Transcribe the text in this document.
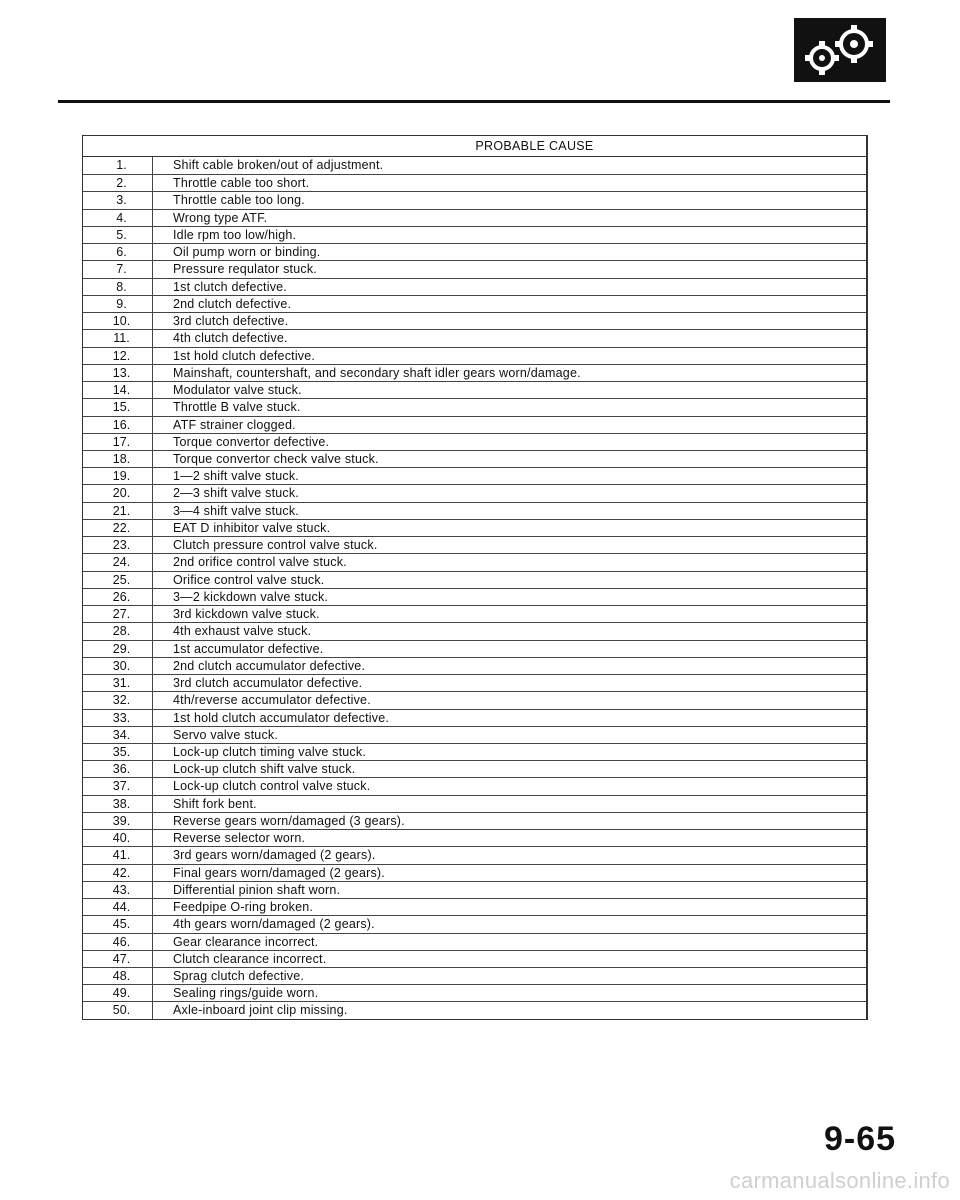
PROBABLE CAUSE
1.	Shift cable broken/out of adjustment.
2.	Throttle cable too short.
3.	Throttle cable too long.
4.	Wrong type ATF.
5.	Idle rpm too low/high.
6.	Oil pump worn or binding.
7.	Pressure requlator stuck.
8.	1st clutch defective.
9.	2nd clutch defective.
10.	3rd clutch defective.
11.	4th clutch defective.
12.	1st hold clutch defective.
13.	Mainshaft, countershaft, and secondary shaft idler gears worn/damage.
14.	Modulator valve stuck.
15.	Throttle B valve stuck.
16.	ATF strainer clogged.
17.	Torque convertor defective.
18.	Torque convertor check valve stuck.
19.	1—2 shift valve stuck.
20.	2—3 shift valve stuck.
21.	3—4 shift valve stuck.
22.	EAT D inhibitor valve stuck.
23.	Clutch pressure control valve stuck.
24.	2nd orifice control valve stuck.
25.	Orifice control valve stuck.
26.	3—2 kickdown valve stuck.
27.	3rd kickdown valve stuck.
28.	4th exhaust valve stuck.
29.	1st accumulator defective.
30.	2nd clutch accumulator defective.
31.	3rd clutch accumulator defective.
32.	4th/reverse accumulator defective.
33.	1st hold clutch accumulator defective.
34.	Servo valve stuck.
35.	Lock-up clutch timing valve stuck.
36.	Lock-up clutch shift valve stuck.
37.	Lock-up clutch control valve stuck.
38.	Shift fork bent.
39.	Reverse gears worn/damaged (3 gears).
40.	Reverse selector worn.
41.	3rd gears worn/damaged (2 gears).
42.	Final gears worn/damaged (2 gears).
43.	Differential pinion shaft worn.
44.	Feedpipe O-ring broken.
45.	4th gears worn/damaged (2 gears).
46.	Gear clearance incorrect.
47.	Clutch clearance incorrect.
48.	Sprag clutch defective.
49.	Sealing rings/guide worn.
50.	Axle-inboard joint clip missing.
9-65
carmanualsonline.info
